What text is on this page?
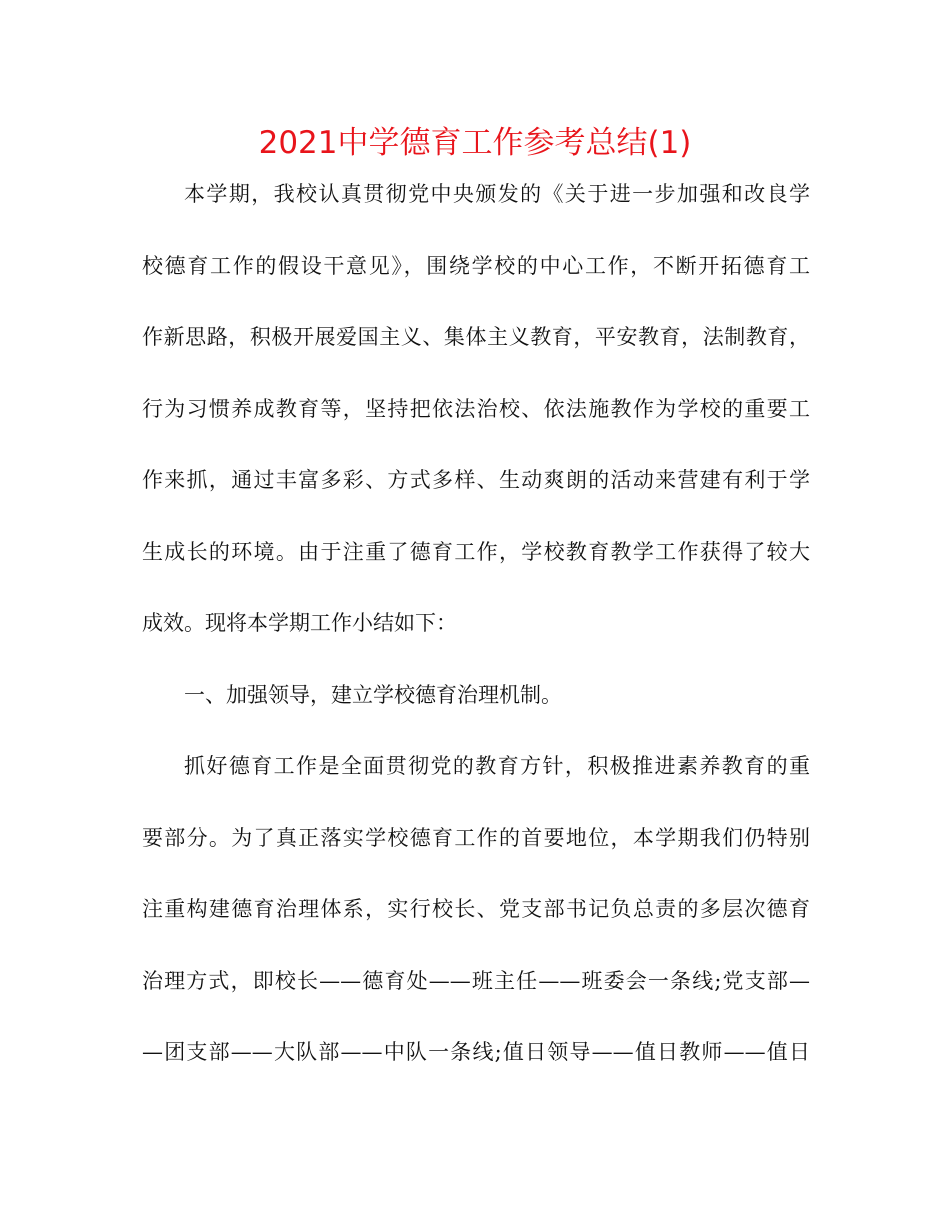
2021中学德育工作参考总结(1)
本学期，我校认真贯彻党中央颁发的《关于进一步加强和改良学
校德育工作的假设干意见》，围绕学校的中心工作，不断开拓德育工
作新思路，积极开展爱国主义、集体主义教育，平安教育，法制教育，
行为习惯养成教育等，坚持把依法治校、依法施教作为学校的重要工
作来抓，通过丰富多彩、方式多样、生动爽朗的活动来营建有利于学
生成长的环境。由于注重了德育工作，学校教育教学工作获得了较大
成效。现将本学期工作小结如下：
一、加强领导，建立学校德育治理机制。
抓好德育工作是全面贯彻党的教育方针，积极推进素养教育的重
要部分。为了真正落实学校德育工作的首要地位，本学期我们仍特别
注重构建德育治理体系，实行校长、党支部书记负总责的多层次德育
治理方式，即校长——德育处——班主任——班委会一条线;党支部—
—团支部——大队部——中队一条线;值日领导——值日教师——值日
